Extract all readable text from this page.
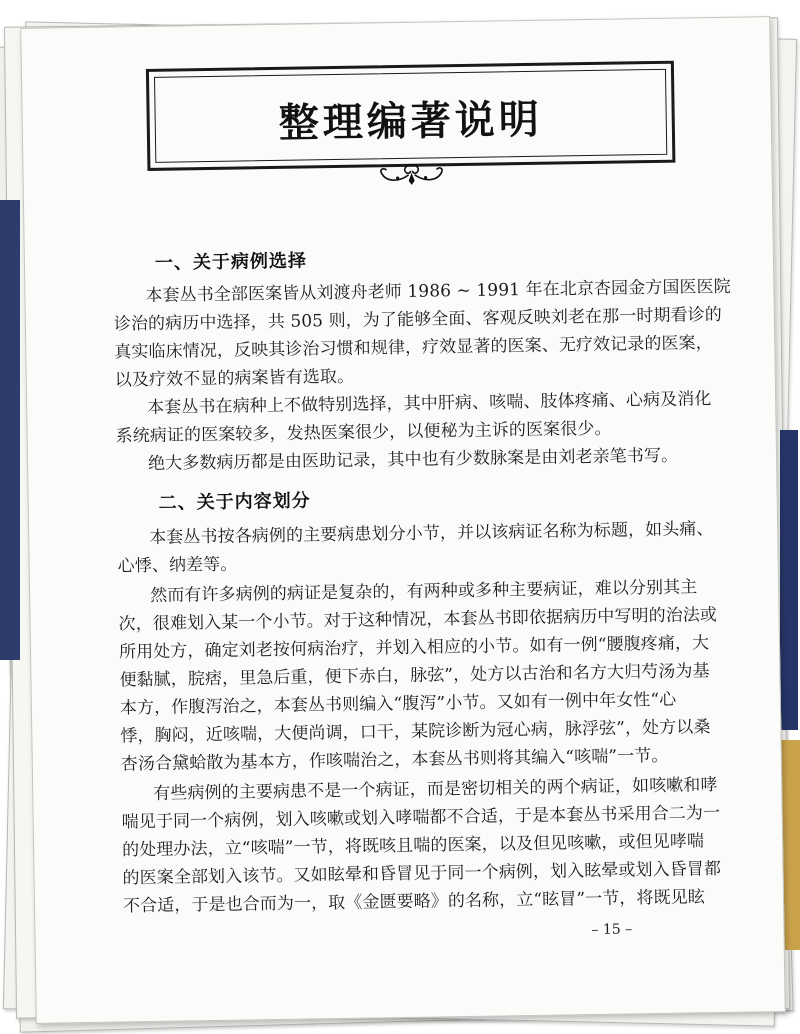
整理编著说明
一、关于病例选择
本套丛书全部医案皆从刘渡舟老师 1986 ~ 1991 年在北京杏园金方国医医院
诊治的病历中选择，共 505 则，为了能够全面、客观反映刘老在那一时期看诊的
真实临床情况，反映其诊治习惯和规律，疗效显著的医案、无疗效记录的医案，
以及疗效不显的病案皆有选取。
本套丛书在病种上不做特别选择，其中肝病、咳喘、肢体疼痛、心病及消化
系统病证的医案较多，发热医案很少，以便秘为主诉的医案很少。
绝大多数病历都是由医助记录，其中也有少数脉案是由刘老亲笔书写。
二、关于内容划分
本套丛书按各病例的主要病患划分小节，并以该病证名称为标题，如头痛、
心悸、纳差等。
然而有许多病例的病证是复杂的，有两种或多种主要病证，难以分别其主
次，很难划入某一个小节。对于这种情况，本套丛书即依据病历中写明的治法或
所用处方，确定刘老按何病治疗，并划入相应的小节。如有一例“腰腹疼痛，大
便黏腻，脘痞，里急后重，便下赤白，脉弦”，处方以古治和名方大归芍汤为基
本方，作腹泻治之，本套丛书则编入“腹泻”小节。又如有一例中年女性“心
悸，胸闷，近咳喘，大便尚调，口干，某院诊断为冠心病，脉浮弦”，处方以桑
杏汤合黛蛤散为基本方，作咳喘治之，本套丛书则将其编入“咳喘”一节。
有些病例的主要病患不是一个病证，而是密切相关的两个病证，如咳嗽和哮
喘见于同一个病例，划入咳嗽或划入哮喘都不合适，于是本套丛书采用合二为一
的处理办法，立“咳喘”一节，将既咳且喘的医案，以及但见咳嗽，或但见哮喘
的医案全部划入该节。又如眩晕和昏冒见于同一个病例，划入眩晕或划入昏冒都
不合适，于是也合而为一，取《金匮要略》的名称，立“眩冒”一节，将既见眩
– 15 –
